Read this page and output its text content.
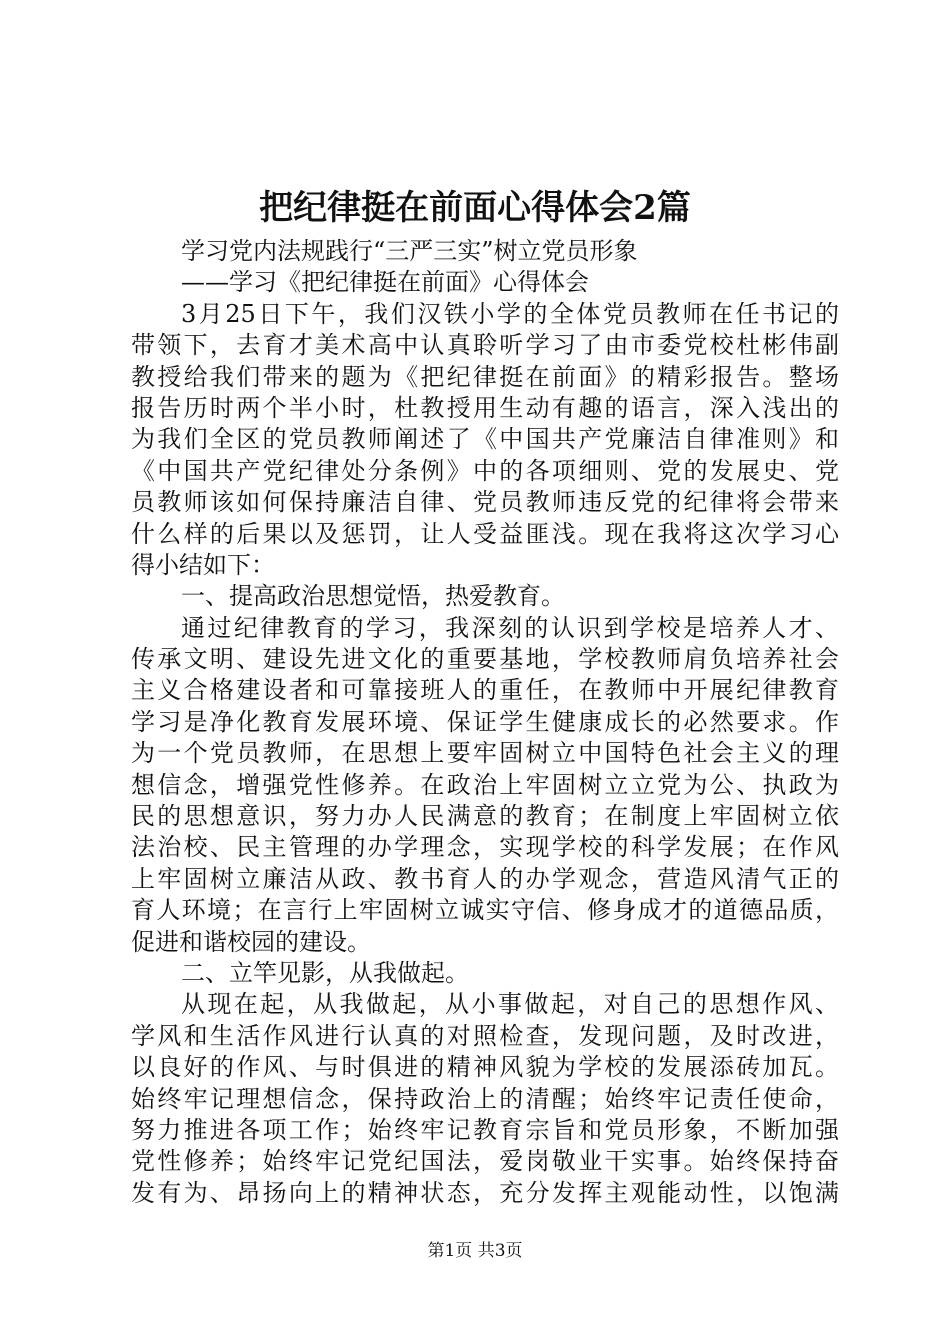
把纪律挺在前面心得体会2篇
学习党内法规践行“三严三实”树立党员形象
——学习《把纪律挺在前面》心得体会
3月25日下午，我们汉铁小学的全体党员教师在任书记的
带领下，去育才美术高中认真聆听学习了由市委党校杜彬伟副
教授给我们带来的题为《把纪律挺在前面》的精彩报告。整场
报告历时两个半小时，杜教授用生动有趣的语言，深入浅出的
为我们全区的党员教师阐述了《中国共产党廉洁自律准则》和
《中国共产党纪律处分条例》中的各项细则、党的发展史、党
员教师该如何保持廉洁自律、党员教师违反党的纪律将会带来
什么样的后果以及惩罚，让人受益匪浅。现在我将这次学习心
得小结如下：
一、提高政治思想觉悟，热爱教育。
通过纪律教育的学习，我深刻的认识到学校是培养人才、
传承文明、建设先进文化的重要基地，学校教师肩负培养社会
主义合格建设者和可靠接班人的重任，在教师中开展纪律教育
学习是净化教育发展环境、保证学生健康成长的必然要求。作
为一个党员教师，在思想上要牢固树立中国特色社会主义的理
想信念，增强党性修养。在政治上牢固树立立党为公、执政为
民的思想意识，努力办人民满意的教育；在制度上牢固树立依
法治校、民主管理的办学理念，实现学校的科学发展；在作风
上牢固树立廉洁从政、教书育人的办学观念，营造风清气正的
育人环境；在言行上牢固树立诚实守信、修身成才的道德品质，
促进和谐校园的建设。
二、立竿见影，从我做起。
从现在起，从我做起，从小事做起，对自己的思想作风、
学风和生活作风进行认真的对照检查，发现问题，及时改进，
以良好的作风、与时俱进的精神风貌为学校的发展添砖加瓦。
始终牢记理想信念，保持政治上的清醒；始终牢记责任使命，
努力推进各项工作；始终牢记教育宗旨和党员形象，不断加强
党性修养；始终牢记党纪国法，爱岗敬业干实事。始终保持奋
发有为、昂扬向上的精神状态，充分发挥主观能动性，以饱满
第1页 共3页
